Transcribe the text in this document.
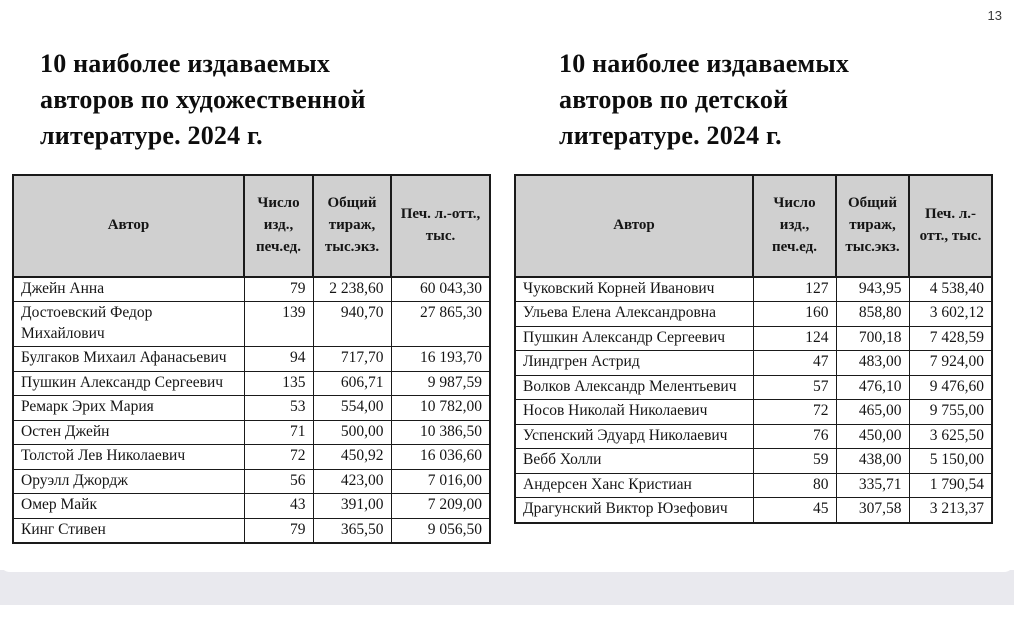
13
10 наиболее издаваемых
авторов по художественной
литературе. 2024 г.
Автор	Число изд., печ.ед.	Общий тираж, тыс.экз.	Печ. л.-отт., тыс.
Джейн Анна	79	2 238,60	60 043,30
Достоевский Федор Михайлович	139	940,70	27 865,30
Булгаков Михаил Афанасьевич	94	717,70	16 193,70
Пушкин Александр Сергеевич	135	606,71	9 987,59
Ремарк Эрих Мария	53	554,00	10 782,00
Остен Джейн	71	500,00	10 386,50
Толстой Лев Николаевич	72	450,92	16 036,60
Оруэлл Джордж	56	423,00	7 016,00
Омер Майк	43	391,00	7 209,00
Кинг Стивен	79	365,50	9 056,50
10 наиболее издаваемых
авторов по детской
литературе. 2024 г.
Автор	Число изд., печ.ед.	Общий тираж, тыс.экз.	Печ. л.-отт., тыс.
Чуковский Корней Иванович	127	943,95	4 538,40
Ульева Елена Александровна	160	858,80	3 602,12
Пушкин Александр Сергеевич	124	700,18	7 428,59
Линдгрен Астрид	47	483,00	7 924,00
Волков Александр Мелентьевич	57	476,10	9 476,60
Носов Николай Николаевич	72	465,00	9 755,00
Успенский Эдуард Николаевич	76	450,00	3 625,50
Вебб Холли	59	438,00	5 150,00
Андерсен Ханс Кристиан	80	335,71	1 790,54
Драгунский Виктор Юзефович	45	307,58	3 213,37
